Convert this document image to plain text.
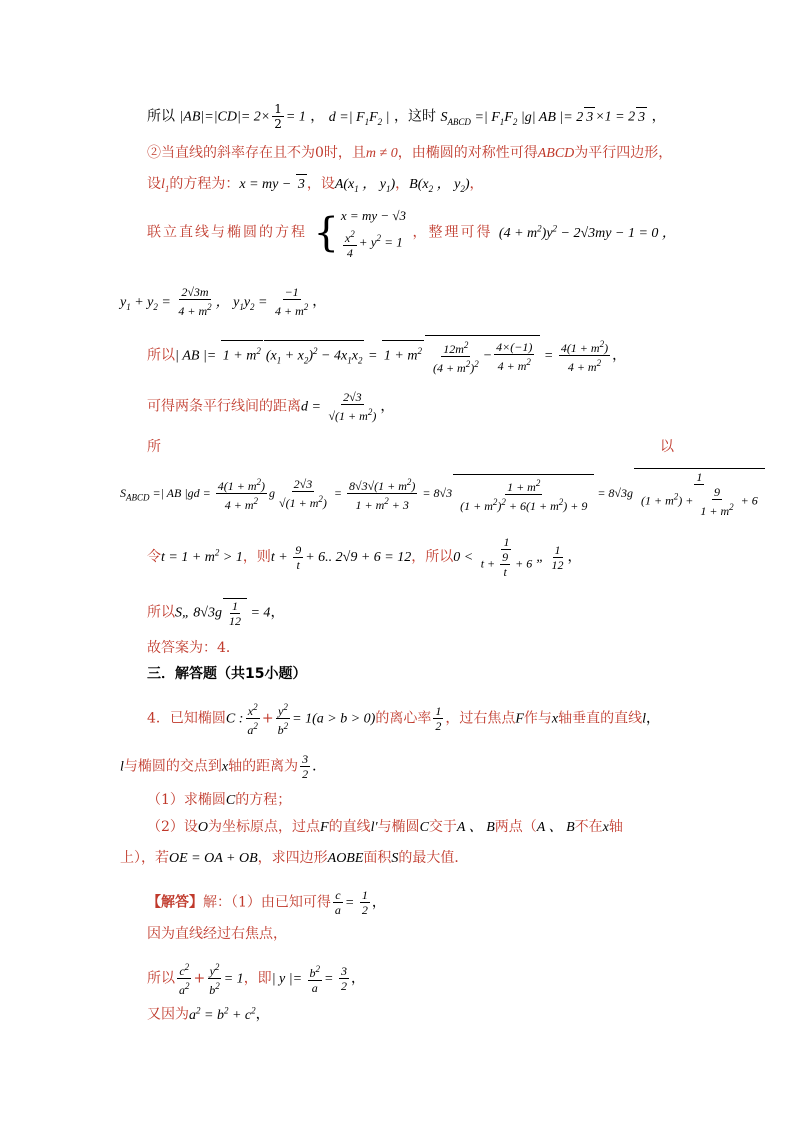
所以 $|AB|=|CD|= 2\times \frac{1}{2} = 1$ ， d =| $F_1F_2$ | ，这时 $S_{ABCD}$ =| $F_1F_2$ |g| AB |= 2 3 ×1 = 2 3 ，
②当直线的斜率存在且不为0时，且m ≠ 0，由椭圆的对称性可得ABCD为平行四边形，
设$l_1$的方程为：x = my − 3 ，设$A(x_1$ ， $y_1$)，$B(x_2$ ， $y_2$)，
联立直线与椭圆的方程 { x = my − √3
$\frac{x^2}{4} + y^2 = 1$
，整理可得 $(4 + m^2)y^2 - 2√3my - 1 = 0$ ，
$y_1 + y_2 = \frac{2√3m}{4 + m^2}$ ， $y_1y_2 = \frac{-1}{4 + m^2}$ ，
所以| AB |= $1 + m^2$ $(x_1 + x_2)^2 - 4x_1x_2 = 1 + m^2 \frac{12m^2}{(4 + m^2)^2} - \frac{4\times(-1)}{4 + m^2} = \frac{4(1 + m^2)}{4 + m^2}$ ，
可得两条平行线间的距离$d = \frac{2√3}{√(1 + m^2)}$ ，
所	以
$S_{ABCD}$ =| AB $|gd = \frac{4(1 + m^2)}{4 + m^2}$ g $\frac{2√3}{√(1 + m^2)} = \frac{8√3√(1 + m^2)}{1 + m^2 + 3} = 8√3 \frac{1 + m^2}{(1 + m^2)^2 + 6(1 + m^2) + 9} = 8√3g \frac{1}{(1 + m^2) + \frac{9}{1 + m^2} + 6}$
令$t = 1 + m^2 > 1$，则$t + \frac{9}{t} + 6$.. 2√9 + 6 = 12，所以$0 < \frac{1}{t + \frac{9}{t} + 6}$ „ $\frac{1}{12}$ ，
所以S„ $8√3g \frac{1}{12} = 4$，
故答案为：4．
三．解答题（共15小题）
4．已知椭圆C : $\frac{x^2}{a^2} + \frac{y^2}{b^2} = 1(a > b > 0)$的离心率 $\frac{1}{2}$ ，过右焦点F作与x轴垂直的直线l，
l与椭圆的交点到x轴的距离为 $\frac{3}{2}$ ．
（1）求椭圆C的方程；
（2）设O为坐标原点，过点F的直线l′与椭圆C交于A 、 B两点（A 、 B不在x轴
上），若OE = OA + OB，求四边形AOBE面积S的最大值．
【解答】解：（1）由已知可得 $\frac{c}{a} = \frac{1}{2}$ ，
因为直线经过右焦点，
所以 $\frac{c^2}{a^2} + \frac{y^2}{b^2} = 1$，即| y |= $\frac{b^2}{a} = \frac{3}{2}$ ，
又因为$a^2 = b^2 + c^2$，
